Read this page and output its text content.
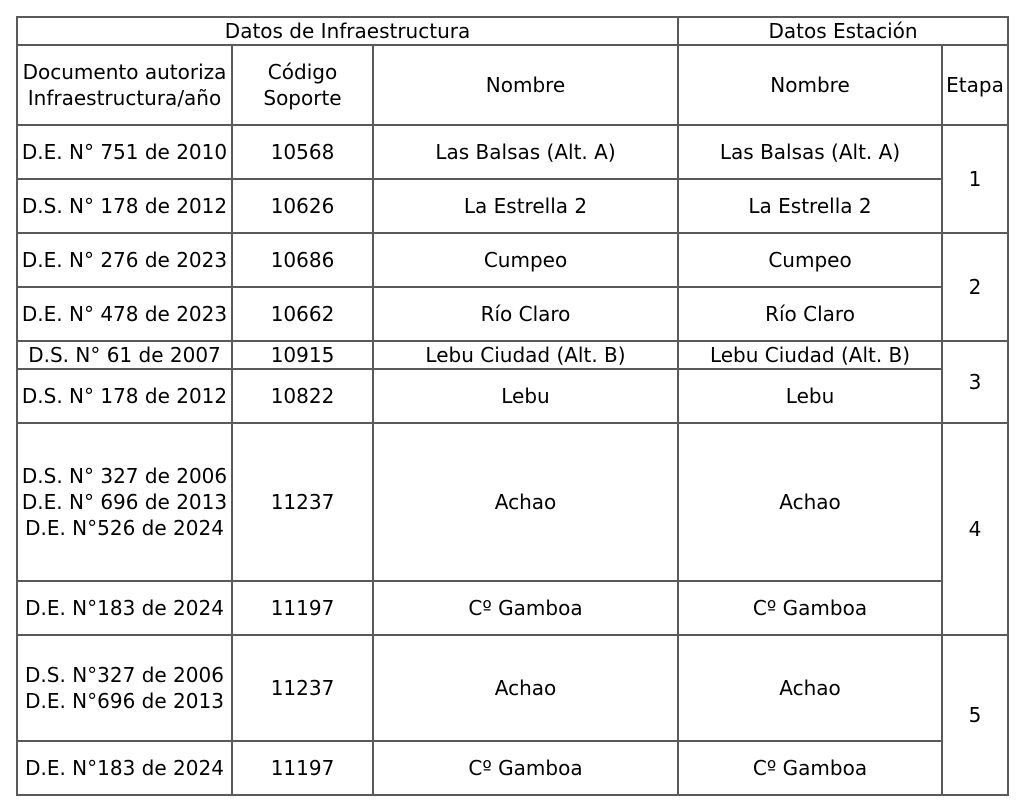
Datos de Infraestructura			Datos Estación	
Documento autoriza Infraestructura/año	Código Soporte	Nombre	Nombre	Etapa

D.E. N° 751 de 2010	10568	Las Balsas (Alt. A)	Las Balsas (Alt. A)	1

D.S. N° 178 de 2012	10626	La Estrella 2	La Estrella 2	

D.E. N° 276 de 2023	10686	Cumpeo	Cumpeo	2

D.E. N° 478 de 2023	10662	Río Claro	Río Claro	

D.S. N° 61 de 2007	10915	Lebu Ciudad (Alt. B)	Lebu Ciudad (Alt. B)	3

D.S. N° 178 de 2012	10822	Lebu	Lebu	

D.S. N° 327 de 2006
D.E. N° 696 de 2013
D.E. N°526 de 2024	11237	Achao	Achao	4

D.E. N°183 de 2024	11197	Cº Gamboa	Cº Gamboa	

D.S. N°327 de 2006
D.E. N°696 de 2013	11237	Achao	Achao	5

D.E. N°183 de 2024	11197	Cº Gamboa	Cº Gamboa	
